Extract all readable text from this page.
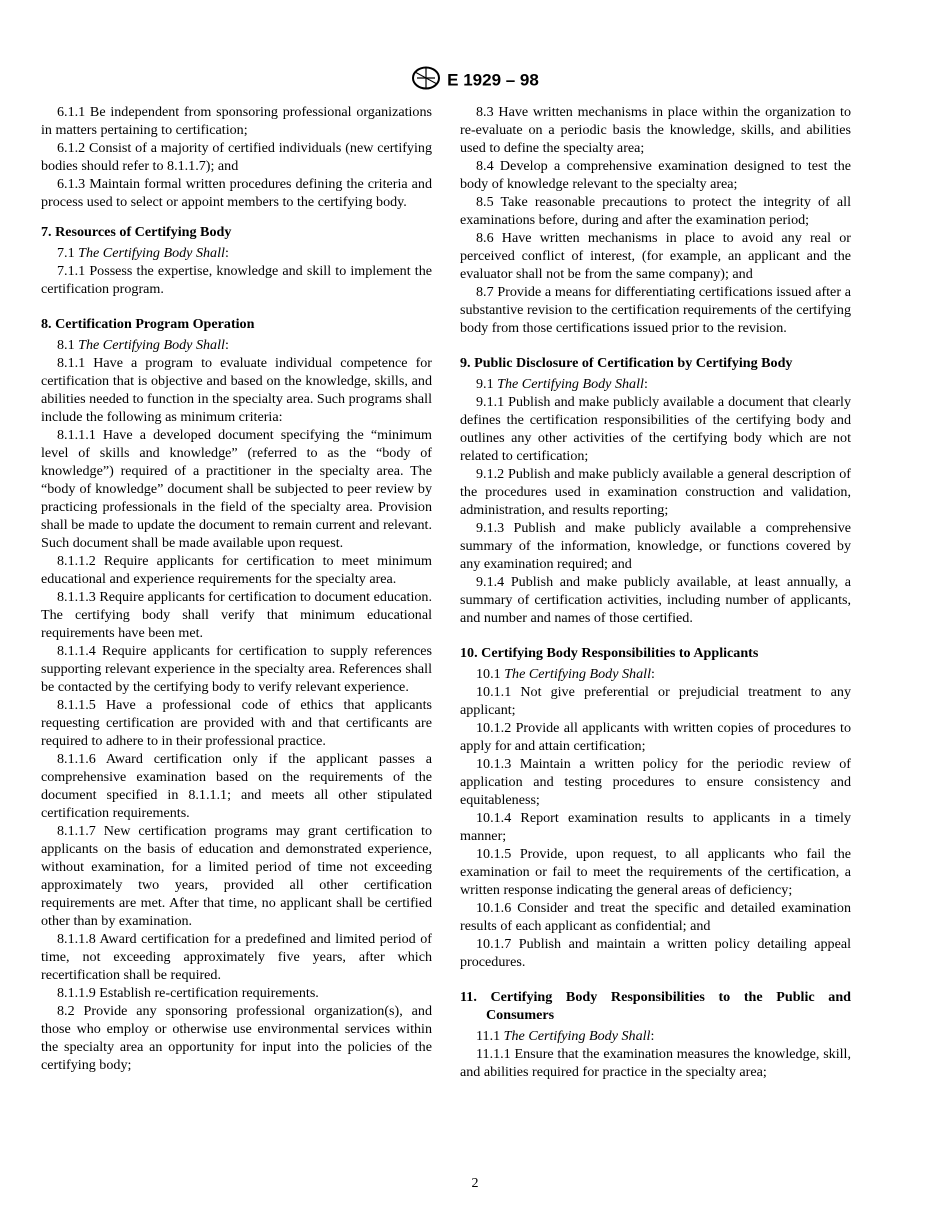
E 1929 – 98

6.1.1 Be independent from sponsoring professional organizations in matters pertaining to certification;

6.1.2 Consist of a majority of certified individuals (new certifying bodies should refer to 8.1.1.7); and

6.1.3 Maintain formal written procedures defining the criteria and process used to select or appoint members to the certifying body.

7. Resources of Certifying Body

7.1 The Certifying Body Shall:

7.1.1 Possess the expertise, knowledge and skill to implement the certification program.

8. Certification Program Operation

8.1 The Certifying Body Shall:

8.1.1 Have a program to evaluate individual competence for certification that is objective and based on the knowledge, skills, and abilities needed to function in the specialty area. Such programs shall include the following as minimum criteria:

8.1.1.1 Have a developed document specifying the “minimum level of skills and knowledge” (referred to as the “body of knowledge”) required of a practitioner in the specialty area. The “body of knowledge” document shall be subjected to peer review by practicing professionals in the field of the specialty area. Provision shall be made to update the document to remain current and relevant. Such document shall be made available upon request.

8.1.1.2 Require applicants for certification to meet minimum educational and experience requirements for the specialty area.

8.1.1.3 Require applicants for certification to document education. The certifying body shall verify that minimum educational requirements have been met.

8.1.1.4 Require applicants for certification to supply references supporting relevant experience in the specialty area. References shall be contacted by the certifying body to verify relevant experience.

8.1.1.5 Have a professional code of ethics that applicants requesting certification are provided with and that certificants are required to adhere to in their professional practice.

8.1.1.6 Award certification only if the applicant passes a comprehensive examination based on the requirements of the document specified in 8.1.1.1; and meets all other stipulated certification requirements.

8.1.1.7 New certification programs may grant certification to applicants on the basis of education and demonstrated experience, without examination, for a limited period of time not exceeding approximately two years, provided all other certification requirements are met. After that time, no applicant shall be certified other than by examination.

8.1.1.8 Award certification for a predefined and limited period of time, not exceeding approximately five years, after which recertification shall be required.

8.1.1.9 Establish re-certification requirements.

8.2 Provide any sponsoring professional organization(s), and those who employ or otherwise use environmental services within the specialty area an opportunity for input into the policies of the certifying body;

8.3 Have written mechanisms in place within the organization to re-evaluate on a periodic basis the knowledge, skills, and abilities used to define the specialty area;

8.4 Develop a comprehensive examination designed to test the body of knowledge relevant to the specialty area;

8.5 Take reasonable precautions to protect the integrity of all examinations before, during and after the examination period;

8.6 Have written mechanisms in place to avoid any real or perceived conflict of interest, (for example, an applicant and the evaluator shall not be from the same company); and

8.7 Provide a means for differentiating certifications issued after a substantive revision to the certification requirements of the certifying body from those certifications issued prior to the revision.

9. Public Disclosure of Certification by Certifying Body

9.1 The Certifying Body Shall:

9.1.1 Publish and make publicly available a document that clearly defines the certification responsibilities of the certifying body and outlines any other activities of the certifying body which are not related to certification;

9.1.2 Publish and make publicly available a general description of the procedures used in examination construction and validation, administration, and results reporting;

9.1.3 Publish and make publicly available a comprehensive summary of the information, knowledge, or functions covered by any examination required; and

9.1.4 Publish and make publicly available, at least annually, a summary of certification activities, including number of applicants, and number and names of those certified.

10. Certifying Body Responsibilities to Applicants

10.1 The Certifying Body Shall:

10.1.1 Not give preferential or prejudicial treatment to any applicant;

10.1.2 Provide all applicants with written copies of procedures to apply for and attain certification;

10.1.3 Maintain a written policy for the periodic review of application and testing procedures to ensure consistency and equitableness;

10.1.4 Report examination results to applicants in a timely manner;

10.1.5 Provide, upon request, to all applicants who fail the examination or fail to meet the requirements of the certification, a written response indicating the general areas of deficiency;

10.1.6 Consider and treat the specific and detailed examination results of each applicant as confidential; and

10.1.7 Publish and maintain a written policy detailing appeal procedures.

11. Certifying Body Responsibilities to the Public and Consumers

11.1 The Certifying Body Shall:

11.1.1 Ensure that the examination measures the knowledge, skill, and abilities required for practice in the specialty area;

2
